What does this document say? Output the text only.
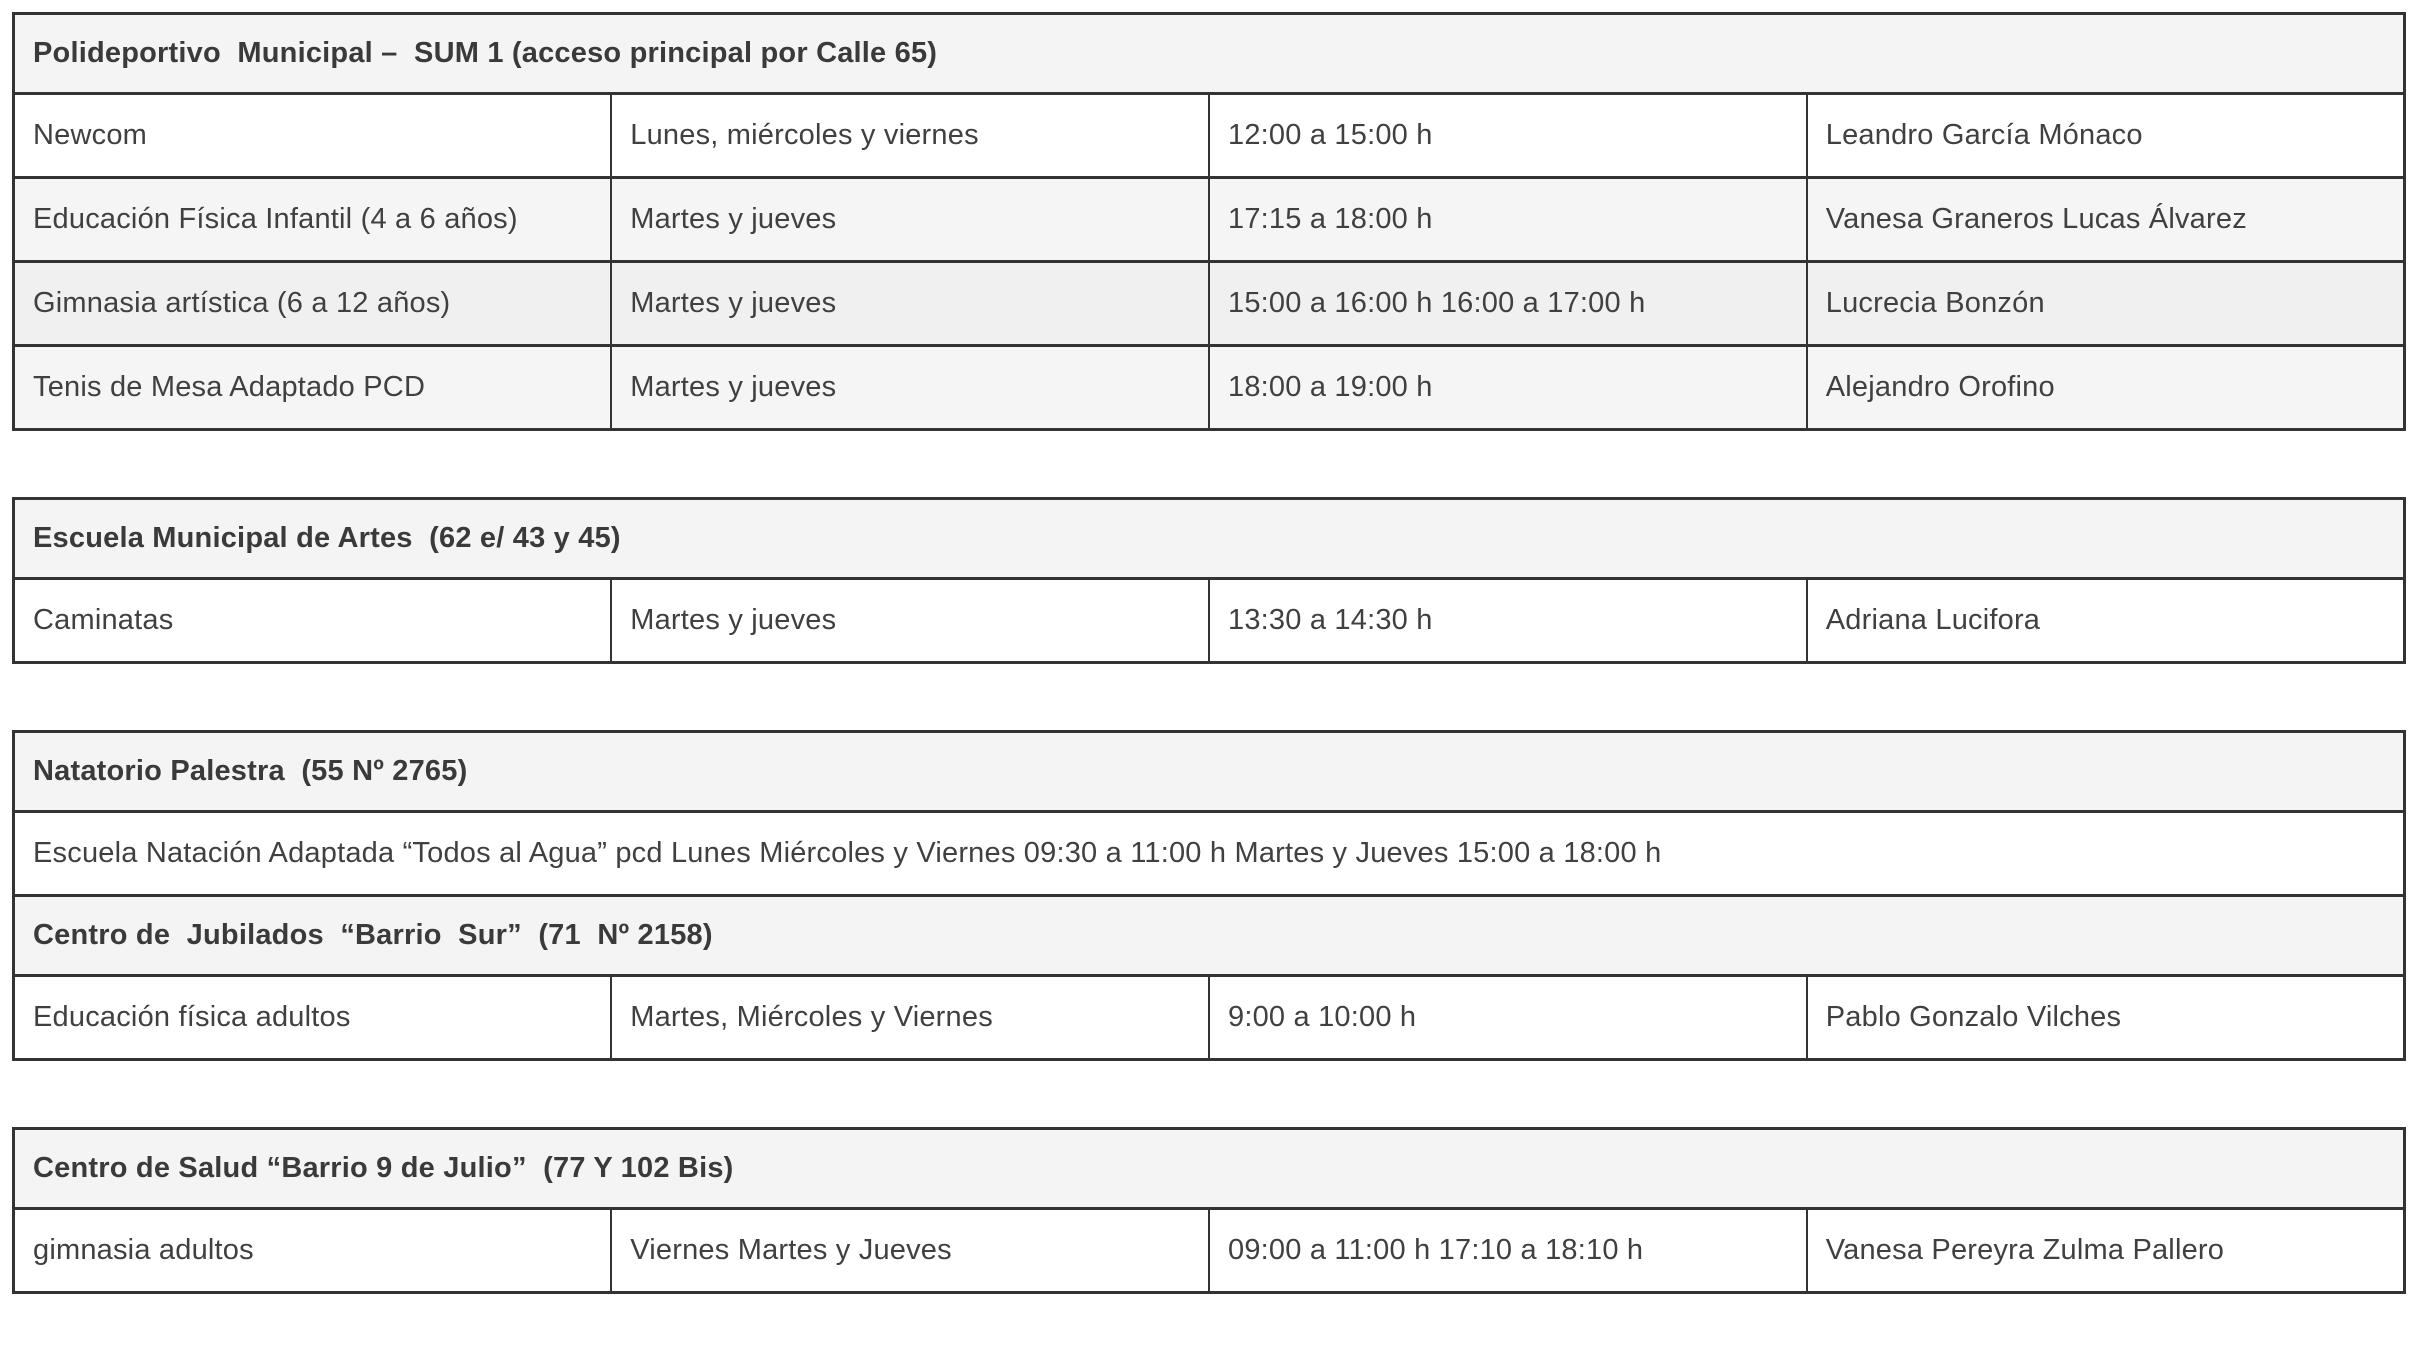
Polideportivo  Municipal –  SUM 1 (acceso principal por Calle 65)			
Newcom	Lunes, miércoles y viernes	12:00 a 15:00 h	Leandro García Mónaco
Educación Física Infantil (4 a 6 años)	Martes y jueves	17:15 a 18:00 h	Vanesa Graneros Lucas Álvarez
Gimnasia artística (6 a 12 años)	Martes y jueves	15:00 a 16:00 h 16:00 a 17:00 h	Lucrecia Bonzón
Tenis de Mesa Adaptado PCD	Martes y jueves	18:00 a 19:00 h	Alejandro Orofino
Escuela Municipal de Artes  (62 e/ 43 y 45)
Caminatas	Martes y jueves	13:30 a 14:30 h	Adriana Lucifora
Natatorio Palestra  (55 Nº 2765)
Escuela Natación Adaptada “Todos al Agua” pcd Lunes Miércoles y Viernes 09:30 a 11:00 h Martes y Jueves 15:00 a 18:00 h
Centro de  Jubilados  “Barrio  Sur”  (71  Nº 2158)
Educación física adultos	Martes, Miércoles y Viernes	9:00 a 10:00 h	Pablo Gonzalo Vilches
Centro de Salud “Barrio 9 de Julio”  (77 Y 102 Bis)
gimnasia adultos	Viernes Martes y Jueves	09:00 a 11:00 h 17:10 a 18:10 h	Vanesa Pereyra Zulma Pallero
